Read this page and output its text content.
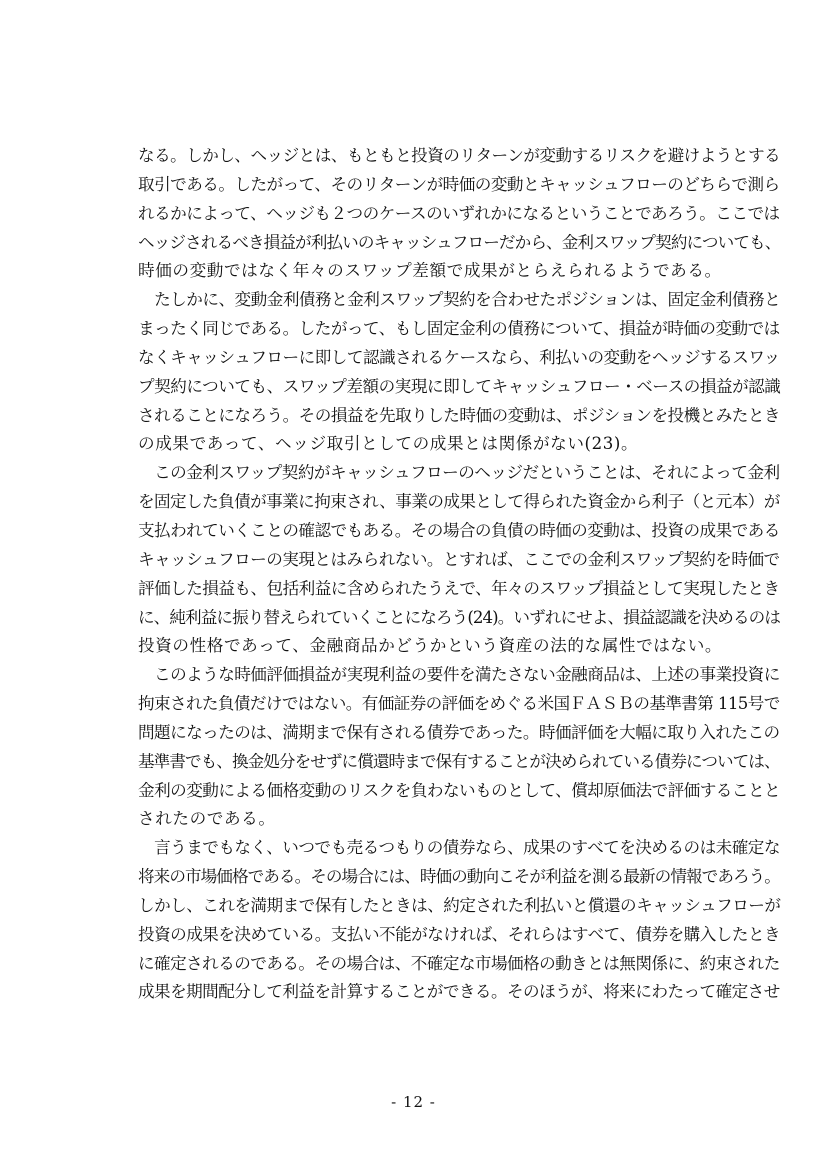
なる。しかし、ヘッジとは、もともと投資のリターンが変動するリスクを避けようとする
取引である。したがって、そのリターンが時価の変動とキャッシュフローのどちらで測ら
れるかによって、ヘッジも２つのケースのいずれかになるということであろう。ここでは
ヘッジされるべき損益が利払いのキャッシュフローだから、金利スワップ契約についても、
時価の変動ではなく年々のスワップ差額で成果がとらえられるようである。
　たしかに、変動金利債務と金利スワップ契約を合わせたポジションは、固定金利債務と
まったく同じである。したがって、もし固定金利の債務について、損益が時価の変動では
なくキャッシュフローに即して認識されるケースなら、利払いの変動をヘッジするスワッ
プ契約についても、スワップ差額の実現に即してキャッシュフロー・ベースの損益が認識
されることになろう。その損益を先取りした時価の変動は、ポジションを投機とみたとき
の成果であって、ヘッジ取引としての成果とは関係がない(23)。
　この金利スワップ契約がキャッシュフローのヘッジだということは、それによって金利
を固定した負債が事業に拘束され、事業の成果として得られた資金から利子（と元本）が
支払われていくことの確認でもある。その場合の負債の時価の変動は、投資の成果である
キャッシュフローの実現とはみられない。とすれば、ここでの金利スワップ契約を時価で
評価した損益も、包括利益に含められたうえで、年々のスワップ損益として実現したとき
に、純利益に振り替えられていくことになろう(24)。いずれにせよ、損益認識を決めるのは
投資の性格であって、金融商品かどうかという資産の法的な属性ではない。
　このような時価評価損益が実現利益の要件を満たさない金融商品は、上述の事業投資に
拘束された負債だけではない。有価証券の評価をめぐる米国ＦＡＳＢの基準書第 115号で
問題になったのは、満期まで保有される債券であった。時価評価を大幅に取り入れたこの
基準書でも、換金処分をせずに償還時まで保有することが決められている債券については、
金利の変動による価格変動のリスクを負わないものとして、償却原価法で評価することと
されたのである。
　言うまでもなく、いつでも売るつもりの債券なら、成果のすべてを決めるのは未確定な
将来の市場価格である。その場合には、時価の動向こそが利益を測る最新の情報であろう。
しかし、これを満期まで保有したときは、約定された利払いと償還のキャッシュフローが
投資の成果を決めている。支払い不能がなければ、それらはすべて、債券を購入したとき
に確定されるのである。その場合は、不確定な市場価格の動きとは無関係に、約束された
成果を期間配分して利益を計算することができる。そのほうが、将来にわたって確定させ
- 12 -
